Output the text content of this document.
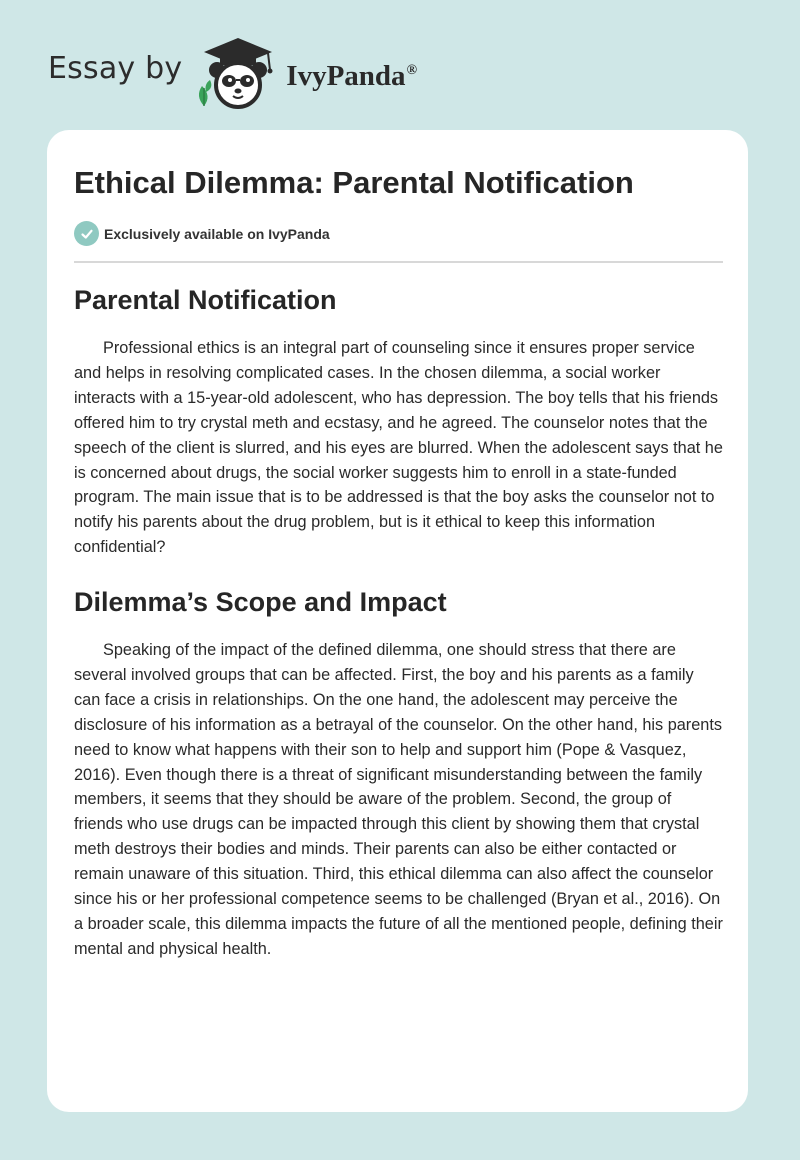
Essay by	IvyPanda®
Ethical Dilemma: Parental Notification
Exclusively available on IvyPanda
Parental Notification

Professional ethics is an integral part of counseling since it ensures proper service and helps in resolving complicated cases. In the chosen dilemma, a social worker interacts with a 15-year-old adolescent, who has depression. The boy tells that his friends offered him to try crystal meth and ecstasy, and he agreed. The counselor notes that the speech of the client is slurred, and his eyes are blurred. When the adolescent says that he is concerned about drugs, the social worker suggests him to enroll in a state-funded program. The main issue that is to be addressed is that the boy asks the counselor not to notify his parents about the drug problem, but is it ethical to keep this information confidential?

Dilemma’s Scope and Impact

Speaking of the impact of the defined dilemma, one should stress that there are several involved groups that can be affected. First, the boy and his parents as a family can face a crisis in relationships. On the one hand, the adolescent may perceive the disclosure of his information as a betrayal of the counselor. On the other hand, his parents need to know what happens with their son to help and support him (Pope & Vasquez, 2016). Even though there is a threat of significant misunderstanding between the family members, it seems that they should be aware of the problem. Second, the group of friends who use drugs can be impacted through this client by showing them that crystal meth destroys their bodies and minds. Their parents can also be either contacted or remain unaware of this situation. Third, this ethical dilemma can also affect the counselor since his or her professional competence seems to be challenged (Bryan et al., 2016). On a broader scale, this dilemma impacts the future of all the mentioned people, defining their mental and physical health.
